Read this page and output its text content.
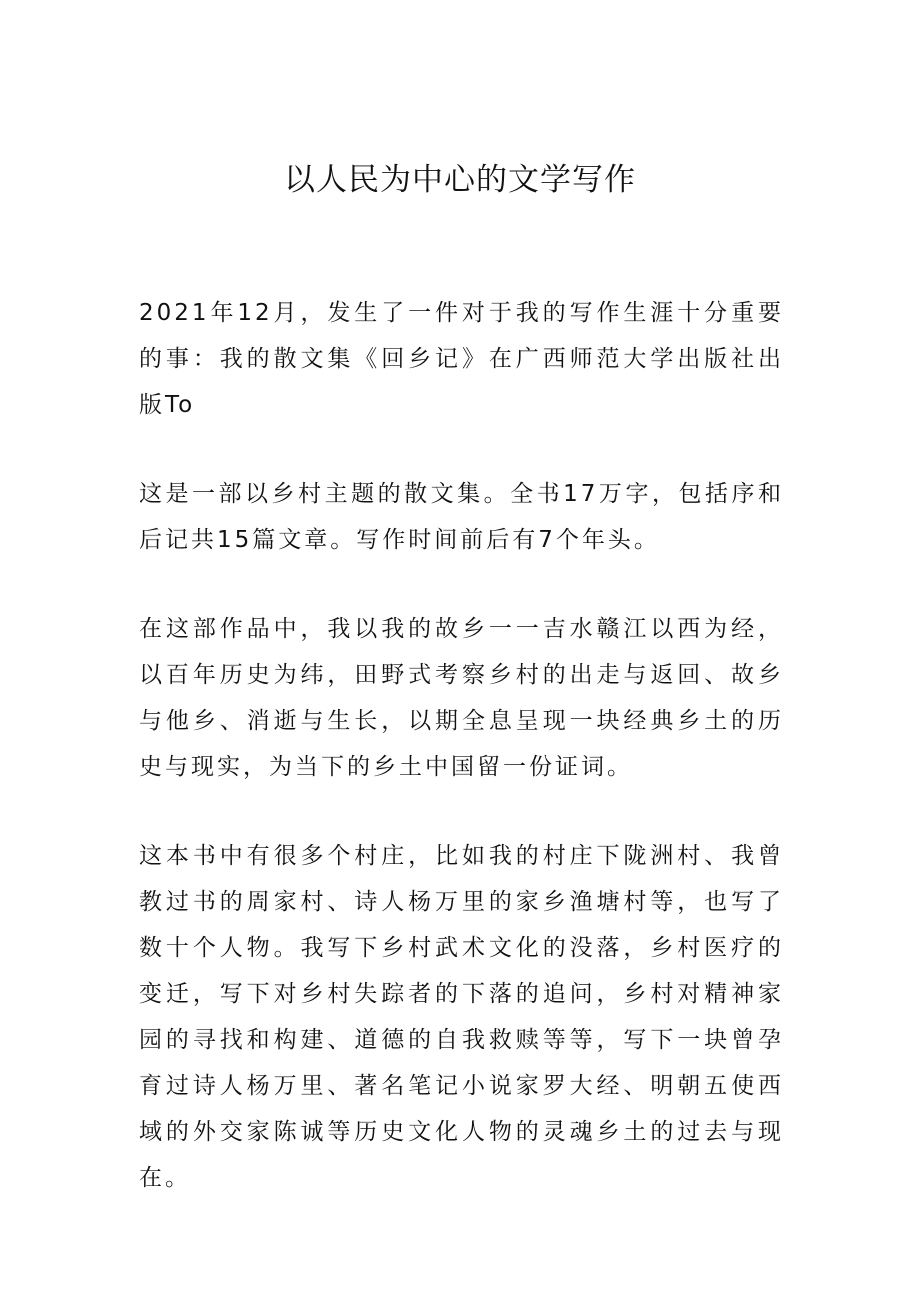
以人民为中心的文学写作

2021年12月，发生了一件对于我的写作生涯十分重要的事：我的散文集《回乡记》在广西师范大学出版社出版To

这是一部以乡村主题的散文集。全书17万字，包括序和后记共15篇文章。写作时间前后有7个年头。

在这部作品中，我以我的故乡一一吉水赣江以西为经，以百年历史为纬，田野式考察乡村的出走与返回、故乡与他乡、消逝与生长，以期全息呈现一块经典乡土的历史与现实，为当下的乡土中国留一份证词。

这本书中有很多个村庄，比如我的村庄下陇洲村、我曾教过书的周家村、诗人杨万里的家乡渔塘村等，也写了数十个人物。我写下乡村武术文化的没落，乡村医疗的变迁，写下对乡村失踪者的下落的追问，乡村对精神家园的寻找和构建、道德的自我救赎等等，写下一块曾孕育过诗人杨万里、著名笔记小说家罗大经、明朝五使西域的外交家陈诚等历史文化人物的灵魂乡土的过去与现在。
